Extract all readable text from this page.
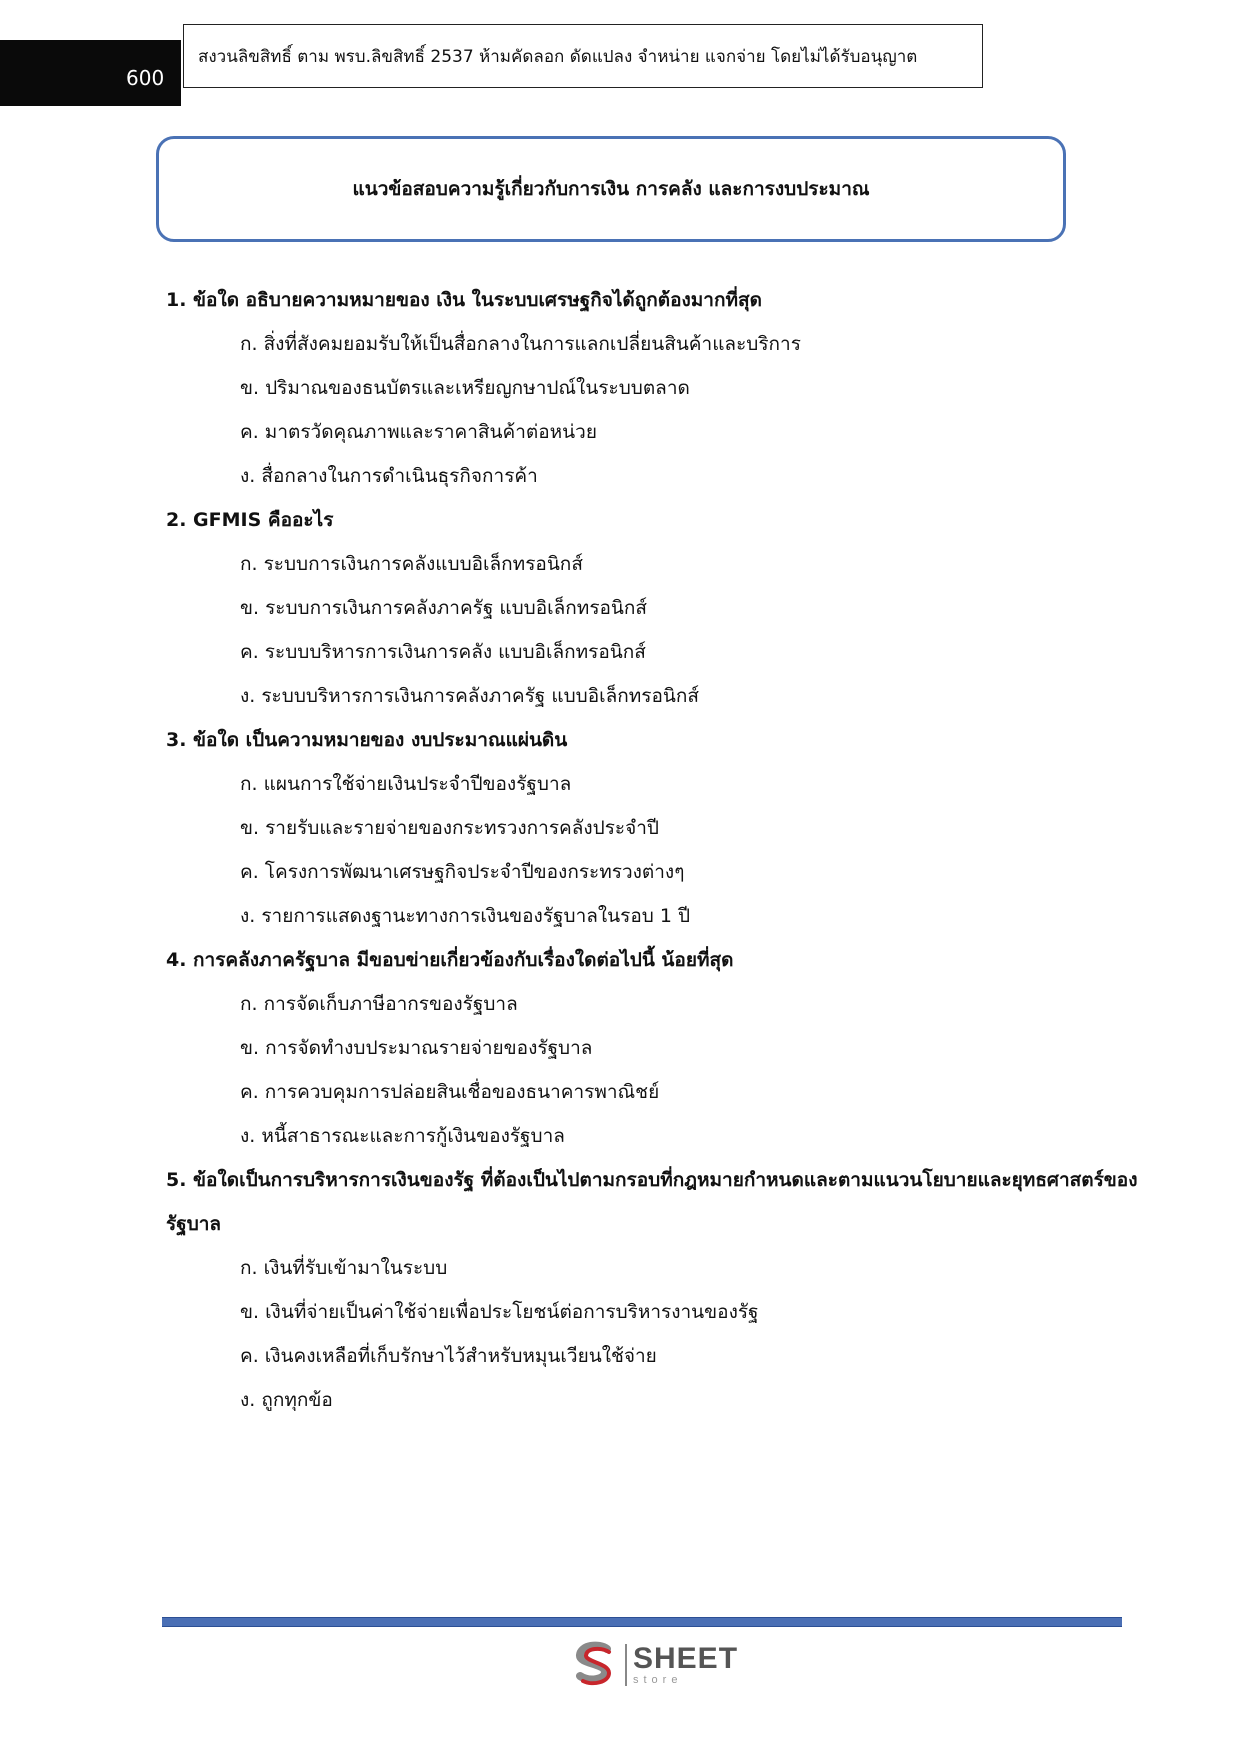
600
สงวนลิขสิทธิ์ ตาม พรบ.ลิขสิทธิ์ 2537 ห้ามคัดลอก ดัดแปลง จำหน่าย แจกจ่าย โดยไม่ได้รับอนุญาต
แนวข้อสอบความรู้เกี่ยวกับการเงิน การคลัง และการงบประมาณ
1. ข้อใด อธิบายความหมายของ เงิน ในระบบเศรษฐกิจได้ถูกต้องมากที่สุด
ก. สิ่งที่สังคมยอมรับให้เป็นสื่อกลางในการแลกเปลี่ยนสินค้าและบริการ
ข. ปริมาณของธนบัตรและเหรียญกษาปณ์ในระบบตลาด
ค. มาตรวัดคุณภาพและราคาสินค้าต่อหน่วย
ง. สื่อกลางในการดำเนินธุรกิจการค้า
2. GFMIS คืออะไร
ก. ระบบการเงินการคลังแบบอิเล็กทรอนิกส์
ข. ระบบการเงินการคลังภาครัฐ แบบอิเล็กทรอนิกส์
ค. ระบบบริหารการเงินการคลัง แบบอิเล็กทรอนิกส์
ง. ระบบบริหารการเงินการคลังภาครัฐ แบบอิเล็กทรอนิกส์
3. ข้อใด เป็นความหมายของ งบประมาณแผ่นดิน
ก. แผนการใช้จ่ายเงินประจำปีของรัฐบาล
ข. รายรับและรายจ่ายของกระทรวงการคลังประจำปี
ค. โครงการพัฒนาเศรษฐกิจประจำปีของกระทรวงต่างๆ
ง. รายการแสดงฐานะทางการเงินของรัฐบาลในรอบ 1 ปี
4. การคลังภาครัฐบาล มีขอบข่ายเกี่ยวข้องกับเรื่องใดต่อไปนี้ น้อยที่สุด
ก. การจัดเก็บภาษีอากรของรัฐบาล
ข. การจัดทำงบประมาณรายจ่ายของรัฐบาล
ค. การควบคุมการปล่อยสินเชื่อของธนาคารพาณิชย์
ง. หนี้สาธารณะและการกู้เงินของรัฐบาล
5. ข้อใดเป็นการบริหารการเงินของรัฐ ที่ต้องเป็นไปตามกรอบที่กฎหมายกำหนดและตามแนวนโยบายและยุทธศาสตร์ของรัฐบาล
ก. เงินที่รับเข้ามาในระบบ
ข. เงินที่จ่ายเป็นค่าใช้จ่ายเพื่อประโยชน์ต่อการบริหารงานของรัฐ
ค. เงินคงเหลือที่เก็บรักษาไว้สำหรับหมุนเวียนใช้จ่าย
ง. ถูกทุกข้อ
SHEET
store
